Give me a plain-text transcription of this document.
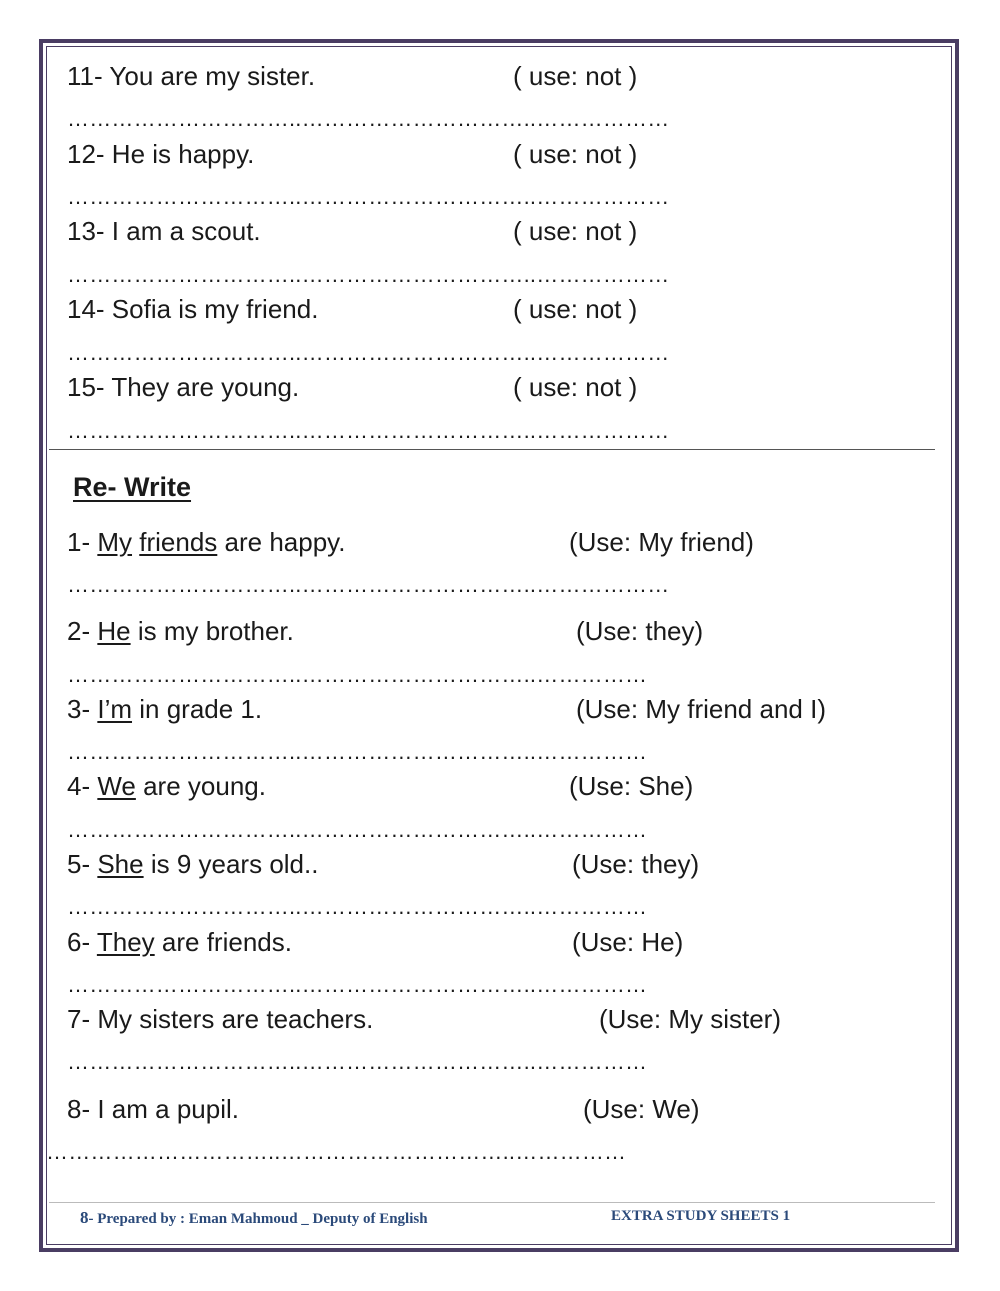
11- You are my sister.	( use: not )
…………………………..…………………………..………………
12- He is happy.	( use: not )
…………………………..…………………………..………………
13- I am a scout.	( use: not )
…………………………..…………………………..………………
14- Sofia is my friend.	( use: not )
…………………………..…………………………..………………
15- They are young.	( use: not )
…………………………..…………………………..………………
Re- Write
1- My friends are happy.	(Use: My friend)
…………………………..…………………………..………………
2- He is my brother.	(Use: they)
…………………………..…………………………..……………
3- I’m in grade 1.	(Use: My friend and I)
…………………………..…………………………..……………
4- We are young.	(Use: She)
…………………………..…………………………..……………
5- She is 9 years old..	(Use: they)
…………………………..…………………………..……………
6- They are friends.	(Use: He)
…………………………..…………………………..……………
7- My sisters are teachers.	(Use: My sister)
…………………………..…………………………..……………
8- I am a pupil.	(Use: We)
…………………………..…………………………..……………
8- Prepared by : Eman Mahmoud _ Deputy of English	EXTRA STUDY SHEETS 1
